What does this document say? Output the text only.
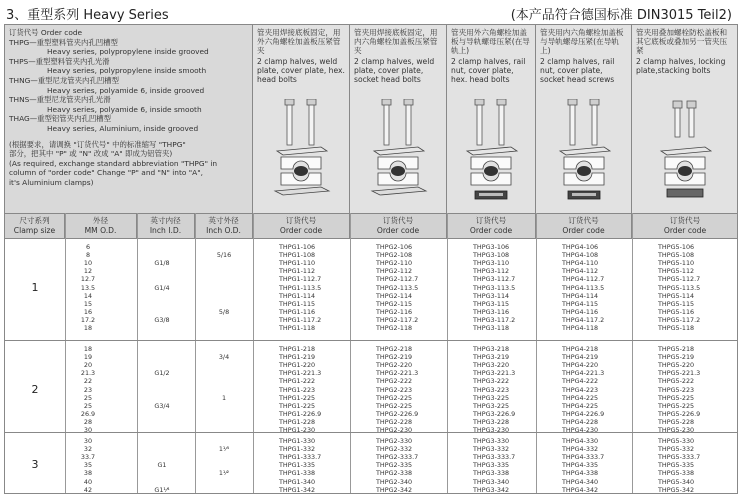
3、重型系列 Heavy Series	(本产品符合德国标准 DIN3015 Teil2)
订货代号 Order code
THPG—重型塑料管夹内孔凹槽型
Heavy series, polypropylene inside grooved
THPS—重型塑料管夹内孔光滑
Heavy series, polypropylene inside smooth
THNG—重型尼龙管夹内孔凹槽型
Heavy series, polyamide 6, inside grooved
THNS—重型尼龙管夹内孔光滑
Heavy series, polyamide 6, inside smooth
THAG—重型铝管夹内孔凹槽型
Heavy series, Aluminium, inside grooved
(根据要求，请调换 "订货代号" 中的标准缩写 "THPG"
部分，把其中 "P" 或 "N" 改成 "A" 即成为铝管夹)
(As required, exchange standard abbreviation "THPG" in
column of "order code" Change "P" and "N" into "A",
it's Aluminium clamps)
管夹用焊接底板固定，用外六角螺栓加盖板压紧管夹
2 clamp halves, weld plate, cover plate, hex. head bolts
管夹用焊接底板固定，用内六角螺栓加盖板压紧管夹
2 clamp halves, weld plate, cover plate, socket head bolts
管夹用外六角螺栓加盖板与导轨螺母压紧(在导轨上)
2 clamp halves, rail nut, cover plate, hex. head bolts
管夹用内六角螺栓加盖板与导轨螺母压紧(在导轨上)
2 clamp halves, rail nut, cover plate, socket head screws
管夹用叠加螺栓防松盖板和其它底板或叠加另一管夹压紧
2 clamp halves, locking plate,stacking bolts
尺寸系列
Clamp size
外径
MM O.D.
英寸内径
Inch I.D.
英寸外径
Inch O.D.
订货代号
Order code
订货代号
Order code
订货代号
Order code
订货代号
Order code
订货代号
Order code
1
6
8
10
12
12.7
13.5
14
15
16
17.2
18
G1/8
G1/4
G3/8
5/16
5/8
THPG1-106
THPG1-108
THPG1-110
THPG1-112
THPG1-112.7
THPG1-113.5
THPG1-114
THPG1-115
THPG1-116
THPG1-117.2
THPG1-118
THPG2-106
THPG2-108
THPG2-110
THPG2-112
THPG2-112.7
THPG2-113.5
THPG2-114
THPG2-115
THPG2-116
THPG2-117.2
THPG2-118
THPG3-106
THPG3-108
THPG3-110
THPG3-112
THPG3-112.7
THPG3-113.5
THPG3-114
THPG3-115
THPG3-116
THPG3-117.2
THPG3-118
THPG4-106
THPG4-108
THPG4-110
THPG4-112
THPG4-112.7
THPG4-113.5
THPG4-114
THPG4-115
THPG4-116
THPG4-117.2
THPG4-118
THPG5-106
THPG5-108
THPG5-110
THPG5-112
THPG5-112.7
THPG5-113.5
THPG5-114
THPG5-115
THPG5-116
THPG5-117.2
THPG5-118
2
18
19
20
21.3
22
23
25
25
26.9
28
30
G1/2
G3/4
3/4
1
THPG1-218
THPG1-219
THPG1-220
THPG1-221.3
THPG1-222
THPG1-223
THPG1-225
THPG1-225
THPG1-226.9
THPG1-228
THPG1-230
THPG2-218
THPG2-219
THPG2-220
THPG2-221.3
THPG2-222
THPG2-223
THPG2-225
THPG2-225
THPG2-226.9
THPG2-228
THPG2-230
THPG3-218
THPG3-219
THPG3-220
THPG3-221.3
THPG3-222
THPG3-223
THPG3-225
THPG3-225
THPG3-226.9
THPG3-228
THPG3-230
THPG4-218
THPG4-219
THPG4-220
THPG4-221.3
THPG4-222
THPG4-223
THPG4-225
THPG4-225
THPG4-226.9
THPG4-228
THPG4-230
THPG5-218
THPG5-219
THPG5-220
THPG5-221.3
THPG5-222
THPG5-223
THPG5-225
THPG5-225
THPG5-226.9
THPG5-228
THPG5-230
3
30
32
33.7
35
38
40
42
G1
G1¹⁄⁴
1¹⁄⁴
1¹⁄²
THPG1-330
THPG1-332
THPG1-333.7
THPG1-335
THPG1-338
THPG1-340
THPG1-342
THPG2-330
THPG2-332
THPG2-333.7
THPG2-335
THPG2-338
THPG2-340
THPG2-342
THPG3-330
THPG3-332
THPG3-333.7
THPG3-335
THPG3-338
THPG3-340
THPG3-342
THPG4-330
THPG4-332
THPG4-333.7
THPG4-335
THPG4-338
THPG4-340
THPG4-342
THPG5-330
THPG5-332
THPG5-333.7
THPG5-335
THPG5-338
THPG5-340
THPG5-342
